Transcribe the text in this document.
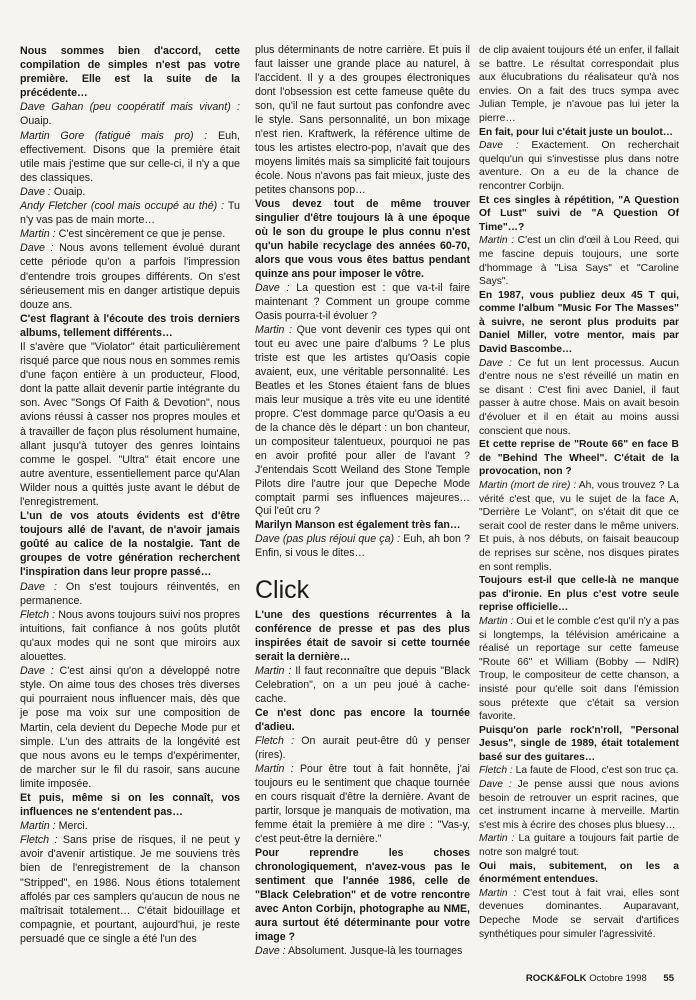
Nous sommes bien d'accord, cette compilation de simples n'est pas votre première. Elle est la suite de la précédente…

Dave Gahan (peu coopératif mais vivant) : Ouaip.

Martin Gore (fatigué mais pro) : Euh, effectivement. Disons que la première était utile mais j'estime que sur celle-ci, il n'y a que des classiques.

Dave : Ouaip.

Andy Fletcher (cool mais occupé au thé) : Tu n'y vas pas de main morte…

Martin : C'est sincèrement ce que je pense.

Dave : Nous avons tellement évolué durant cette période qu'on a parfois l'impression d'entendre trois groupes différents. On s'est sérieusement mis en danger artistique depuis douze ans.

C'est flagrant à l'écoute des trois derniers albums, tellement différents…

Il s'avère que "Violator" était particulièrement risqué parce que nous nous en sommes remis d'une façon entière à un producteur, Flood, dont la patte allait devenir partie intégrante du son. Avec "Songs Of Faith & Devotion", nous avions réussi à casser nos propres moules et à travailler de façon plus résolument humaine, allant jusqu'à tutoyer des genres lointains comme le gospel. "Ultra" était encore une autre aventure, essentiellement parce qu'Alan Wilder nous a quittés juste avant le début de l'enregistrement.

L'un de vos atouts évidents est d'être toujours allé de l'avant, de n'avoir jamais goûté au calice de la nostalgie. Tant de groupes de votre génération recherchent l'inspiration dans leur propre passé…

Dave : On s'est toujours réinventés, en permanence.

Fletch : Nous avons toujours suivi nos propres intuitions, fait confiance à nos goûts plutôt qu'aux modes qui ne sont que miroirs aux alouettes.

Dave : C'est ainsi qu'on a développé notre style. On aime tous des choses très diverses qui pourraient nous influencer mais, dès que je pose ma voix sur une composition de Martin, cela devient du Depeche Mode pur et simple. L'un des attraits de la longévité est que nous avons eu le temps d'expérimenter, de marcher sur le fil du rasoir, sans aucune limite imposée.

Et puis, même si on les connaît, vos influences ne s'entendent pas…

Martin : Merci.

Fletch : Sans prise de risques, il ne peut y avoir d'avenir artistique. Je me souviens très bien de l'enregistrement de la chanson "Stripped", en 1986. Nous étions totalement affolés par ces samplers qu'aucun de nous ne maîtrisait totalement… C'était bidouillage et compagnie, et pourtant, aujourd'hui, je reste persuadé que ce single a été l'un des

plus déterminants de notre carrière. Et puis il faut laisser une grande place au naturel, à l'accident. Il y a des groupes électroniques dont l'obsession est cette fameuse quête du son, qu'il ne faut surtout pas confondre avec le style. Sans personnalité, un bon mixage n'est rien. Kraftwerk, la référence ultime de tous les artistes electro-pop, n'avait que des moyens limités mais sa simplicité fait toujours école. Nous n'avons pas fait mieux, juste des petites chansons pop…

Vous devez tout de même trouver singulier d'être toujours là à une époque où le son du groupe le plus connu n'est qu'un habile recyclage des années 60-70, alors que vous vous êtes battus pendant quinze ans pour imposer le vôtre.

Dave : La question est : que va-t-il faire maintenant ? Comment un groupe comme Oasis pourra-t-il évoluer ?

Martin : Que vont devenir ces types qui ont tout eu avec une paire d'albums ? Le plus triste est que les artistes qu'Oasis copie avaient, eux, une véritable personnalité. Les Beatles et les Stones étaient fans de blues mais leur musique a très vite eu une identité propre. C'est dommage parce qu'Oasis a eu de la chance dès le départ : un bon chanteur, un compositeur talentueux, pourquoi ne pas en avoir profité pour aller de l'avant ? J'entendais Scott Weiland des Stone Temple Pilots dire l'autre jour que Depeche Mode comptait parmi ses influences majeures… Qui l'eût cru ?

Marilyn Manson est également très fan…

Dave (pas plus réjoui que ça) : Euh, ah bon ? Enfin, si vous le dites…

Click

L'une des questions récurrentes à la conférence de presse et pas des plus inspirées était de savoir si cette tournée serait la dernière…

Martin : Il faut reconnaître que depuis "Black Celebration", on a un peu joué à cache-cache.

Ce n'est donc pas encore la tournée d'adieu.

Fletch : On aurait peut-être dû y penser (rires).

Martin : Pour être tout à fait honnête, j'ai toujours eu le sentiment que chaque tournée en cours risquait d'être la dernière. Avant de partir, lorsque je manquais de motivation, ma femme était la première à me dire : "Vas-y, c'est peut-être la dernière."

Pour reprendre les choses chronologiquement, n'avez-vous pas le sentiment que l'année 1986, celle de "Black Celebration" et de votre rencontre avec Anton Corbijn, photographe au NME, aura surtout été déterminante pour votre image ?

Dave : Absolument. Jusque-là les tournages

de clip avaient toujours été un enfer, il fallait se battre. Le résultat correspondait plus aux élucubrations du réalisateur qu'à nos envies. On a fait des trucs sympa avec Julian Temple, je n'avoue pas lui jeter la pierre…

En fait, pour lui c'était juste un boulot…

Dave : Exactement. On recherchait quelqu'un qui s'investisse plus dans notre aventure. On a eu de la chance de rencontrer Corbijn.

Et ces singles à répétition, "A Question Of Lust" suivi de "A Question Of Time"…?

Martin : C'est un clin d'œil à Lou Reed, qui me fascine depuis toujours, une sorte d'hommage à "Lisa Says" et "Caroline Says".

En 1987, vous publiez deux 45 T qui, comme l'album "Music For The Masses" à suivre, ne seront plus produits par Daniel Miller, votre mentor, mais par David Bascombe…

Dave : Ce fut un lent processus. Aucun d'entre nous ne s'est réveillé un matin en se disant : C'est fini avec Daniel, il faut passer à autre chose. Mais on avait besoin d'évoluer et il en était au moins aussi conscient que nous.

Et cette reprise de "Route 66" en face B de "Behind The Wheel". C'était de la provocation, non ?

Martin (mort de rire) : Ah, vous trouvez ? La vérité c'est que, vu le sujet de la face A, "Derrière Le Volant", on s'était dit que ce serait cool de rester dans le même univers. Et puis, à nos débuts, on faisait beaucoup de reprises sur scène, nos disques pirates en sont remplis.

Toujours est-il que celle-là ne manque pas d'ironie. En plus c'est votre seule reprise officielle…

Martin : Oui et le comble c'est qu'il n'y a pas si longtemps, la télévision américaine a réalisé un reportage sur cette fameuse "Route 66" et William (Bobby — NdlR) Troup, le compositeur de cette chanson, a insisté pour qu'elle soit dans l'émission sous prétexte que c'était sa version favorite.

Puisqu'on parle rock'n'roll, "Personal Jesus", single de 1989, était totalement basé sur des guitares…

Fletch : La faute de Flood, c'est son truc ça.

Dave : Je pense aussi que nous avions besoin de retrouver un esprit racines, que cet instrument incarne à merveille. Martin s'est mis à écrire des choses plus bluesy…

Martin : La guitare a toujours fait partie de notre son malgré tout.

Oui mais, subitement, on les a énormément entendues.

Martin : C'est tout à fait vrai, elles sont devenues dominantes. Auparavant, Depeche Mode se servait d'artifices synthétiques pour simuler l'agressivité.

ROCK&FOLK Octobre 1998 55
